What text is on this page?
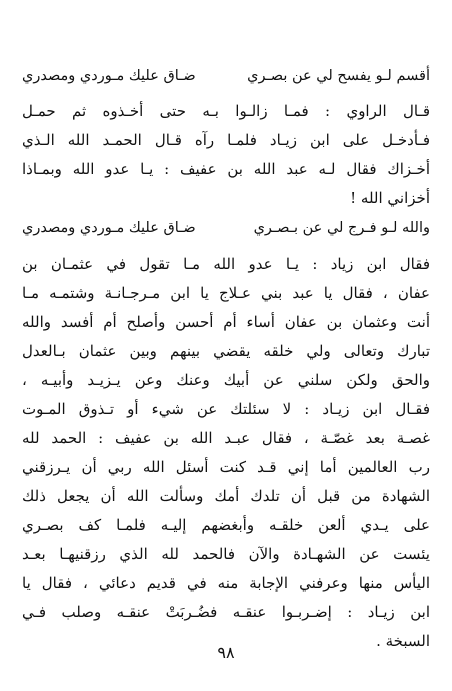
أقسم لـو يفسح لي عن بصـري
ضـاق عليك مـوردي ومصدري
قـال الراوي : فمـا زالـوا بـه حتى أخـذوه ثم حمـل
فـأدخـل على ابن زيـاد فلمـا رآه قـال الحمـد الله الـذي
أخـزاك فقال لـه عبد الله بن عفيف : يـا عدو الله وبمـاذا
أخزاني الله !
والله لـو فـرج لي عن بـصـري
ضـاق عليك مـوردي ومصدري
فقال ابن زياد : يـا عدو الله مـا تقول في عثمـان بن
عفان ، فقال يا عبد بني عـلاج يا ابن مـرجـانـة وشتمـه مـا
أنت وعثمان بن عفان أساء أم أحسن وأصلح أم أفسد والله
تبارك وتعالى ولي خلقه يقضي بينهم وبين عثمان بـالعدل
والحق ولكن سلني عن أبيك وعنك وعن يـزيـد وأبيـه ،
فقـال ابن زيـاد : لا سئلتك عن شيء أو تـذوق المـوت
غصـة بعد غصّـة ، فقال عبـد الله بن عفيف : الحمد لله
رب العالمين أما إني قـد كنت أسئل الله ربي أن يـرزقني
الشهادة من قبل أن تلدك أمك وسألت الله أن يجعل ذلك
على يـدي ألعن خلقـه وأبغضهم إليـه فلمـا كف بصـري
يئست عن الشهـادة والآن فالحمد لله الذي رزقنيهـا بعـد
اليأس منها وعرفني الإجابة منه في قديم دعائي ، فقال يا
ابن زيـاد : إضـربـوا عنقـه فضُـربَتْ عنقـه وصلب فـي
السبخة .
٩٨
